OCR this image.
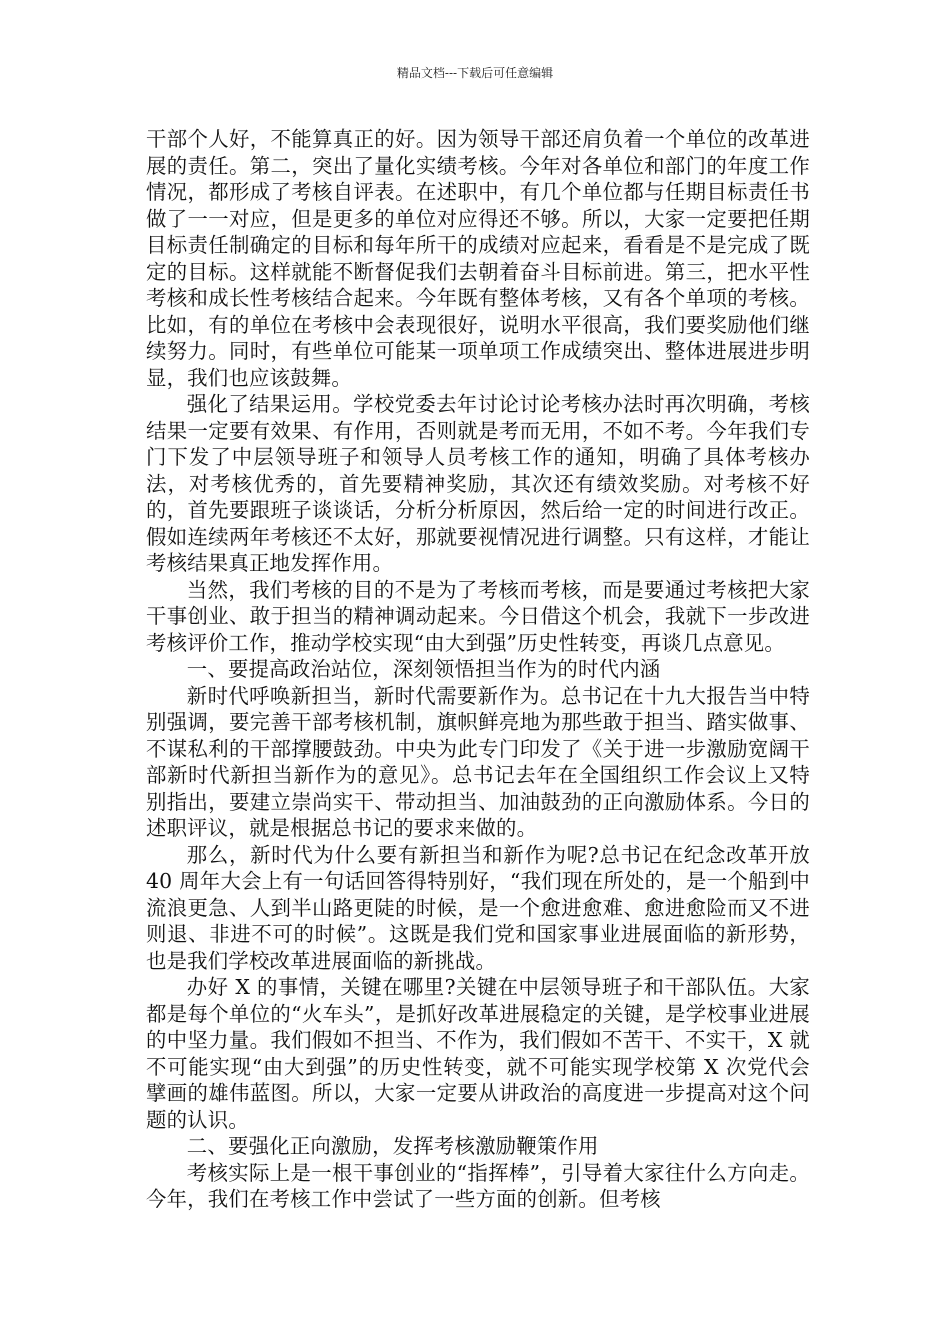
精品文档---下载后可任意编辑

干部个人好，不能算真正的好。因为领导干部还肩负着一个单位的改革进展的责任。第二，突出了量化实绩考核。今年对各单位和部门的年度工作情况，都形成了考核自评表。在述职中，有几个单位都与任期目标责任书做了一一对应，但是更多的单位对应得还不够。所以，大家一定要把任期目标责任制确定的目标和每年所干的成绩对应起来，看看是不是完成了既定的目标。这样就能不断督促我们去朝着奋斗目标前进。第三，把水平性考核和成长性考核结合起来。今年既有整体考核，又有各个单项的考核。比如，有的单位在考核中会表现很好，说明水平很高，我们要奖励他们继续努力。同时，有些单位可能某一项单项工作成绩突出、整体进展进步明显，我们也应该鼓舞。

强化了结果运用。学校党委去年讨论讨论考核办法时再次明确，考核结果一定要有效果、有作用，否则就是考而无用，不如不考。今年我们专门下发了中层领导班子和领导人员考核工作的通知，明确了具体考核办法，对考核优秀的，首先要精神奖励，其次还有绩效奖励。对考核不好的，首先要跟班子谈谈话，分析分析原因，然后给一定的时间进行改正。假如连续两年考核还不太好，那就要视情况进行调整。只有这样，才能让考核结果真正地发挥作用。

当然，我们考核的目的不是为了考核而考核，而是要通过考核把大家干事创业、敢于担当的精神调动起来。今日借这个机会，我就下一步改进考核评价工作，推动学校实现“由大到强”历史性转变，再谈几点意见。

一、要提高政治站位，深刻领悟担当作为的时代内涵

新时代呼唤新担当，新时代需要新作为。总书记在十九大报告当中特别强调，要完善干部考核机制，旗帜鲜亮地为那些敢于担当、踏实做事、不谋私利的干部撑腰鼓劲。中央为此专门印发了《关于进一步激励宽阔干部新时代新担当新作为的意见》。总书记去年在全国组织工作会议上又特别指出，要建立崇尚实干、带动担当、加油鼓劲的正向激励体系。今日的述职评议，就是根据总书记的要求来做的。

那么，新时代为什么要有新担当和新作为呢?总书记在纪念改革开放 40 周年大会上有一句话回答得特别好，“我们现在所处的，是一个船到中流浪更急、人到半山路更陡的时候，是一个愈进愈难、愈进愈险而又不进则退、非进不可的时候”。这既是我们党和国家事业进展面临的新形势，也是我们学校改革进展面临的新挑战。

办好 X 的事情，关键在哪里?关键在中层领导班子和干部队伍。大家都是每个单位的“火车头”，是抓好改革进展稳定的关键，是学校事业进展的中坚力量。我们假如不担当、不作为，我们假如不苦干、不实干，X 就不可能实现“由大到强”的历史性转变，就不可能实现学校第 X 次党代会擘画的雄伟蓝图。所以，大家一定要从讲政治的高度进一步提高对这个问题的认识。

二、要强化正向激励，发挥考核激励鞭策作用

考核实际上是一根干事创业的“指挥棒”，引导着大家往什么方向走。今年，我们在考核工作中尝试了一些方面的创新。但考核
